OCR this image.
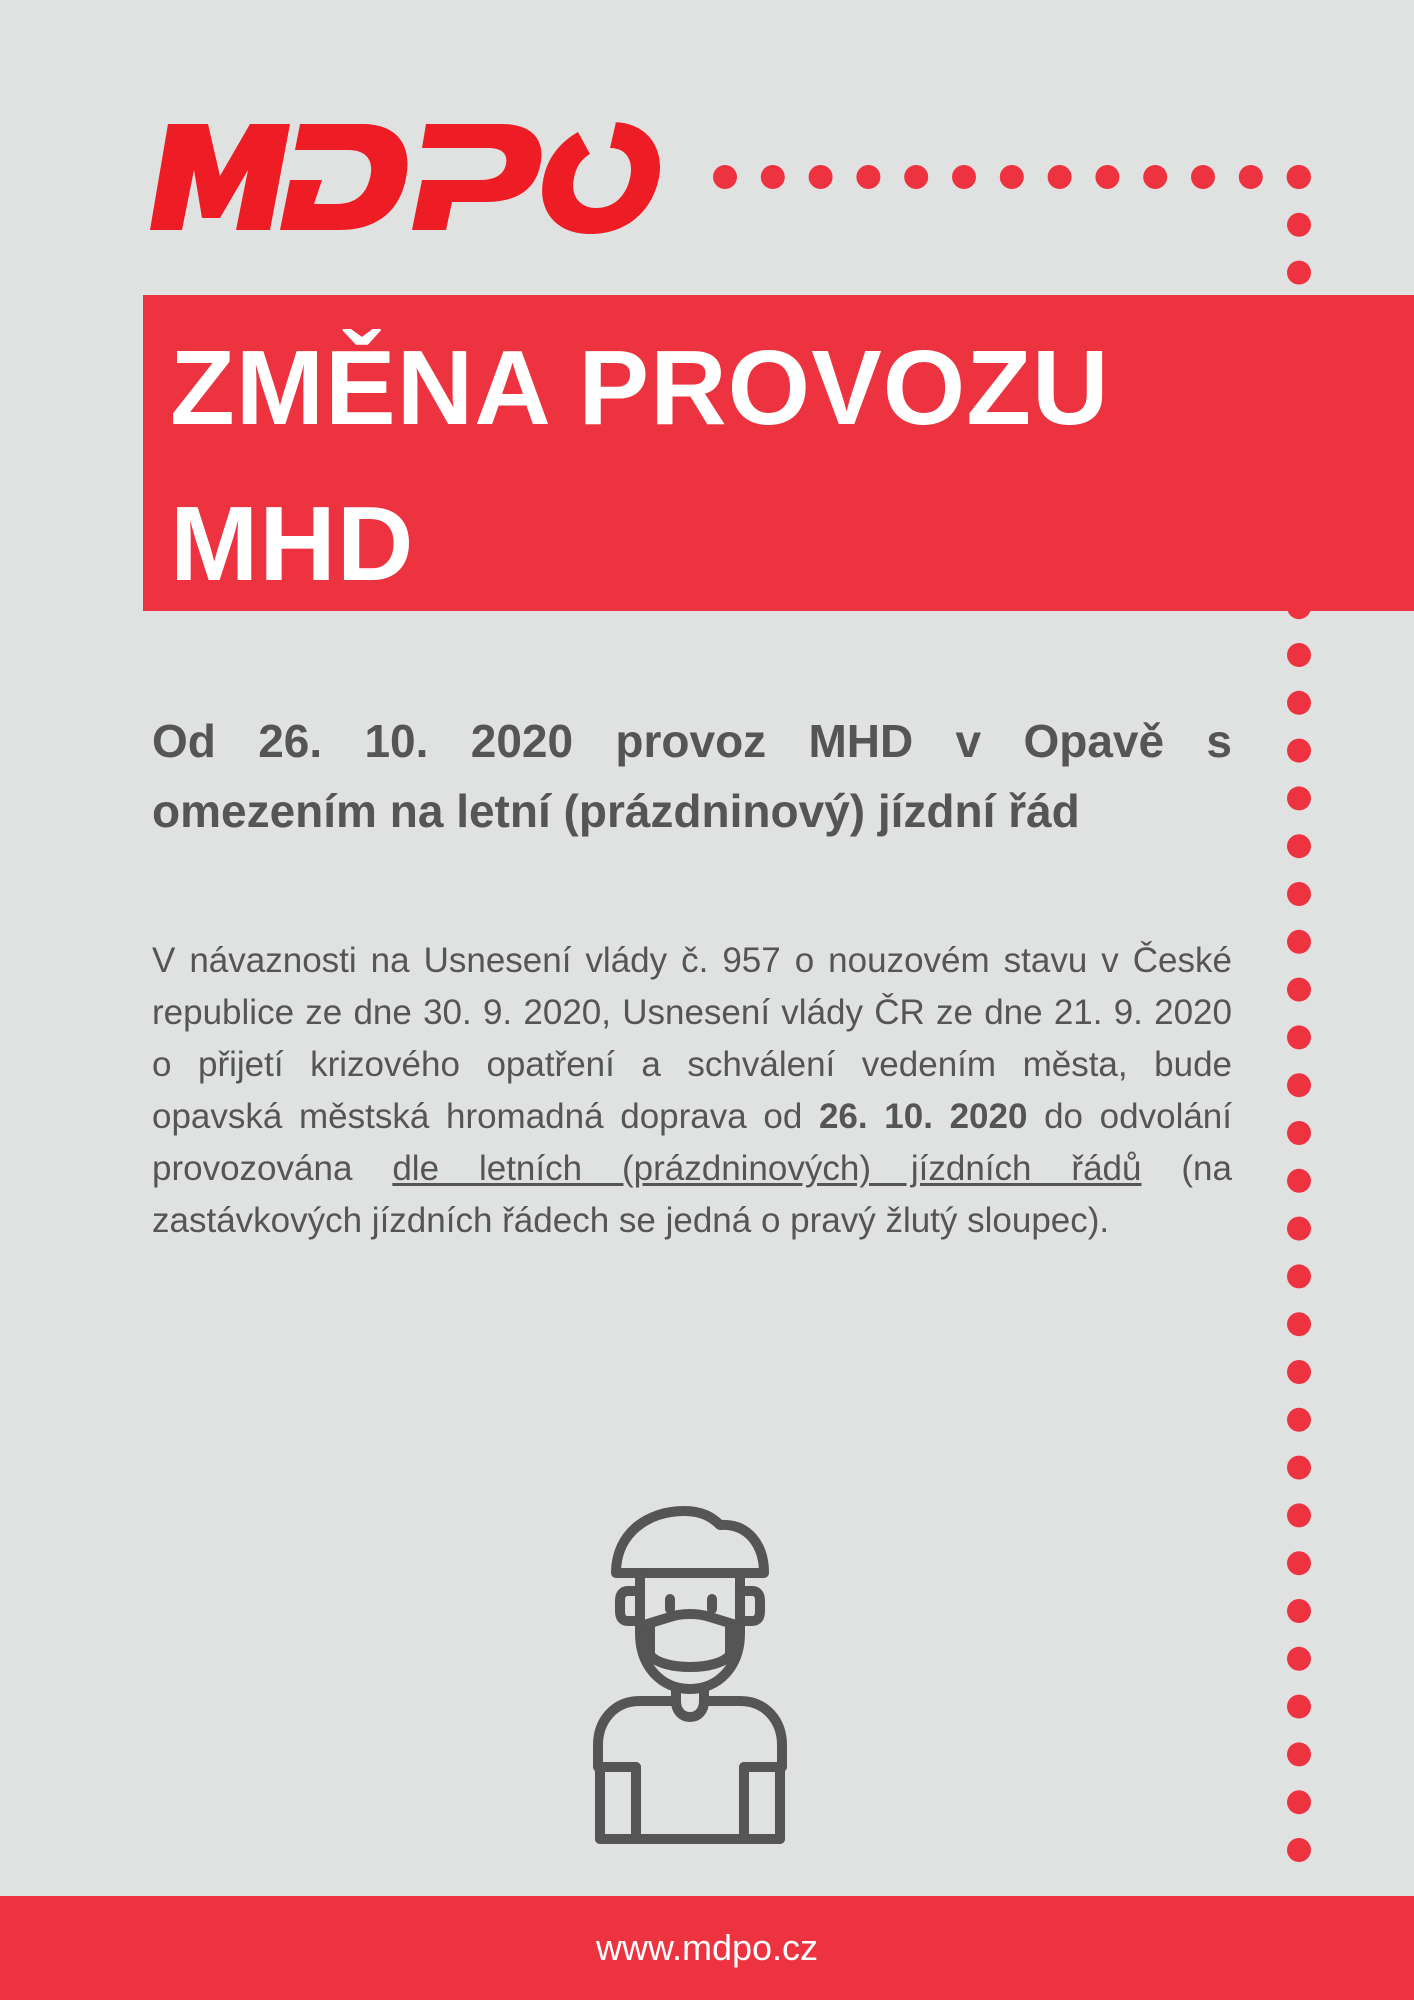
ZMĚNA PROVOZU
MHD

Od 26. 10. 2020 provoz MHD v Opavě s omezením na letní (prázdninový) jízdní řád

V návaznosti na Usnesení vlády č. 957 o nouzovém stavu v České republice ze dne 30. 9. 2020, Usnesení vlády ČR ze dne 21. 9. 2020 o přijetí krizového opatření a schválení vedením města, bude opavská městská hromadná doprava od 26. 10. 2020 do odvolání provozována dle letních (prázdninových) jízdních řádů (na zastávkových jízdních řádech se jedná o pravý žlutý sloupec).

www.mdpo.cz
